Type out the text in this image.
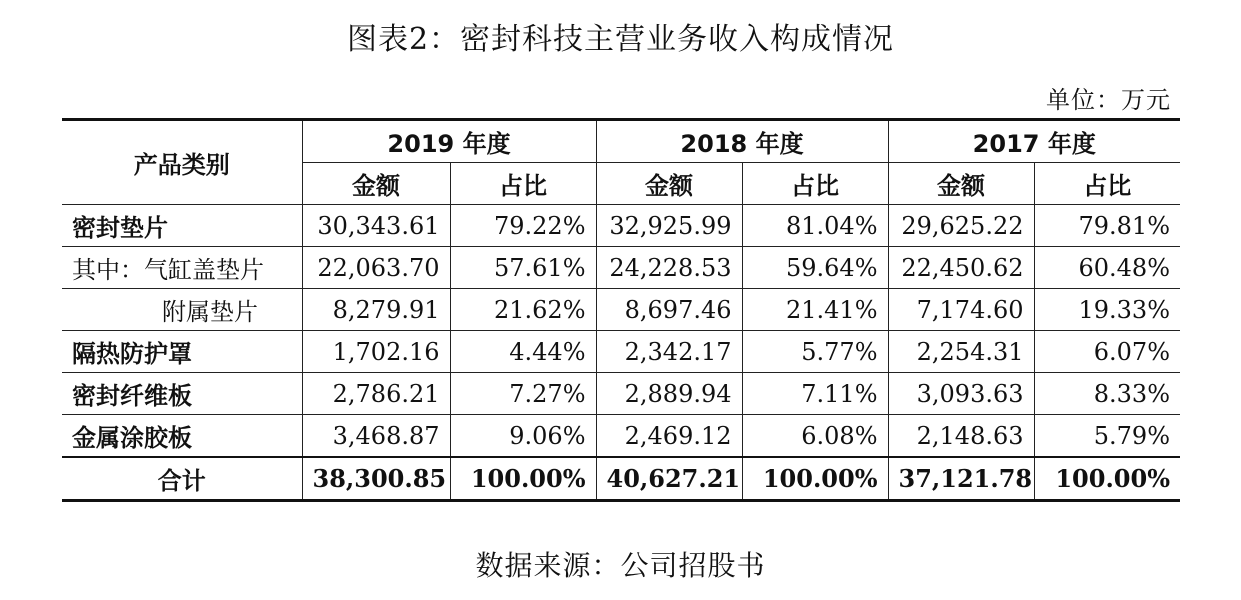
图表2：密封科技主营业务收入构成情况
单位：万元
产品类别	2019 年度		2018 年度		2017 年度	
	金额	占比	金额	占比	金额	占比
密封垫片	30,343.61	79.22%	32,925.99	81.04%	29,625.22	79.81%
其中：气缸盖垫片	22,063.70	57.61%	24,228.53	59.64%	22,450.62	60.48%
附属垫片	8,279.91	21.62%	8,697.46	21.41%	7,174.60	19.33%
隔热防护罩	1,702.16	4.44%	2,342.17	5.77%	2,254.31	6.07%
密封纤维板	2,786.21	7.27%	2,889.94	7.11%	3,093.63	8.33%
金属涂胶板	3,468.87	9.06%	2,469.12	6.08%	2,148.63	5.79%
合计	38,300.85	100.00%	40,627.21	100.00%	37,121.78	100.00%
数据来源：公司招股书
